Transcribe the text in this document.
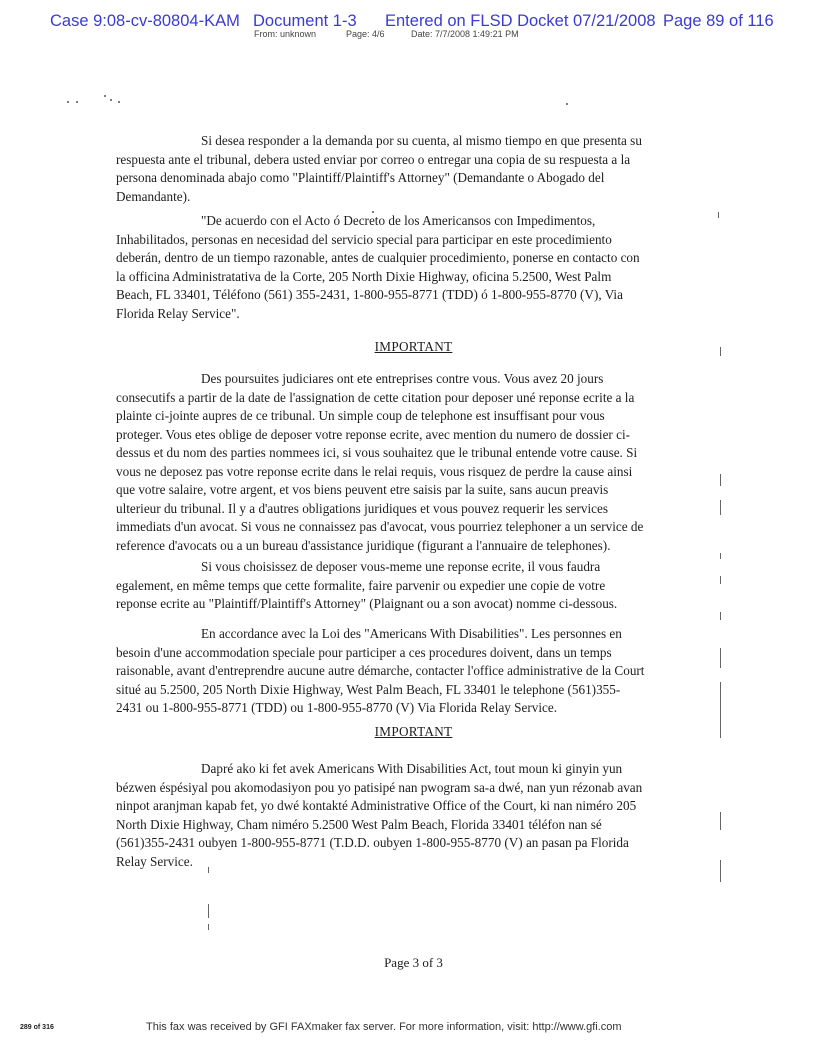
Case 9:08-cv-80804-KAM Document 1-3 Entered on FLSD Docket 07/21/2008 Page 89 of 116
From: unknown	Page: 4/6	Date: 7/7/2008 1:49:21 PM

Si desea responder a la demanda por su cuenta, al mismo tiempo en que presenta su
respuesta ante el tribunal, debera usted enviar por correo o entregar una copia de su respuesta a la
persona denominada abajo como "Plaintiff/Plaintiff's Attorney" (Demandante o Abogado del
Demandante).

"De acuerdo con el Acto ó Decreto de los Americansos con Impedimentos,
Inhabilitados, personas en necesidad del servicio special para participar en este procedimiento
deberán, dentro de un tiempo razonable, antes de cualquier procedimiento, ponerse en contacto con
la officina Administratativa de la Corte, 205 North Dixie Highway, oficina 5.2500, West Palm
Beach, FL 33401, Téléfono (561) 355-2431, 1-800-955-8771 (TDD) ó 1-800-955-8770 (V), Via
Florida Relay Service".

IMPORTANT

Des poursuites judiciares ont ete entreprises contre vous. Vous avez 20 jours
consecutifs a partir de la date de l'assignation de cette citation pour deposer uné reponse ecrite a la
plainte ci-jointe aupres de ce tribunal. Un simple coup de telephone est insuffisant pour vous
proteger. Vous etes oblige de deposer votre reponse ecrite, avec mention du numero de dossier ci-
dessus et du nom des parties nommees ici, si vous souhaitez que le tribunal entende votre cause. Si
vous ne deposez pas votre reponse ecrite dans le relai requis, vous risquez de perdre la cause ainsi
que votre salaire, votre argent, et vos biens peuvent etre saisis par la suite, sans aucun preavis
ulterieur du tribunal. Il y a d'autres obligations juridiques et vous pouvez requerir les services
immediats d'un avocat. Si vous ne connaissez pas d'avocat, vous pourriez telephoner a un service de
reference d'avocats ou a un bureau d'assistance juridique (figurant a l'annuaire de telephones).

Si vous choisissez de deposer vous-meme une reponse ecrite, il vous faudra
egalement, en même temps que cette formalite, faire parvenir ou expedier une copie de votre
reponse ecrite au "Plaintiff/Plaintiff's Attorney" (Plaignant ou a son avocat) nomme ci-dessous.

En accordance avec la Loi des "Americans With Disabilities". Les personnes en
besoin d'une accommodation speciale pour participer a ces procedures doivent, dans un temps
raisonable, avant d'entreprendre aucune autre démarche, contacter l'office administrative de la Court
situé au 5.2500, 205 North Dixie Highway, West Palm Beach, FL 33401 le telephone (561)355-
2431 ou 1-800-955-8771 (TDD) ou 1-800-955-8770 (V) Via Florida Relay Service.

IMPORTANT

Dapré ako ki fet avek Americans With Disabilities Act, tout moun ki ginyin yun
bézwen éspésiyal pou akomodasiyon pou yo patisipé nan pwogram sa-a dwé, nan yun rézonab avan
ninpot aranjman kapab fet, yo dwé kontakté Administrative Office of the Court, ki nan niméro 205
North Dixie Highway, Cham niméro 5.2500 West Palm Beach, Florida 33401 téléfon nan sé
(561)355-2431 oubyen 1-800-955-8771 (T.D.D. oubyen 1-800-955-8770 (V) an pasan pa Florida
Relay Service.

Page 3 of 3
289 of 316	This fax was received by GFI FAXmaker fax server. For more information, visit: http://www.gfi.com
